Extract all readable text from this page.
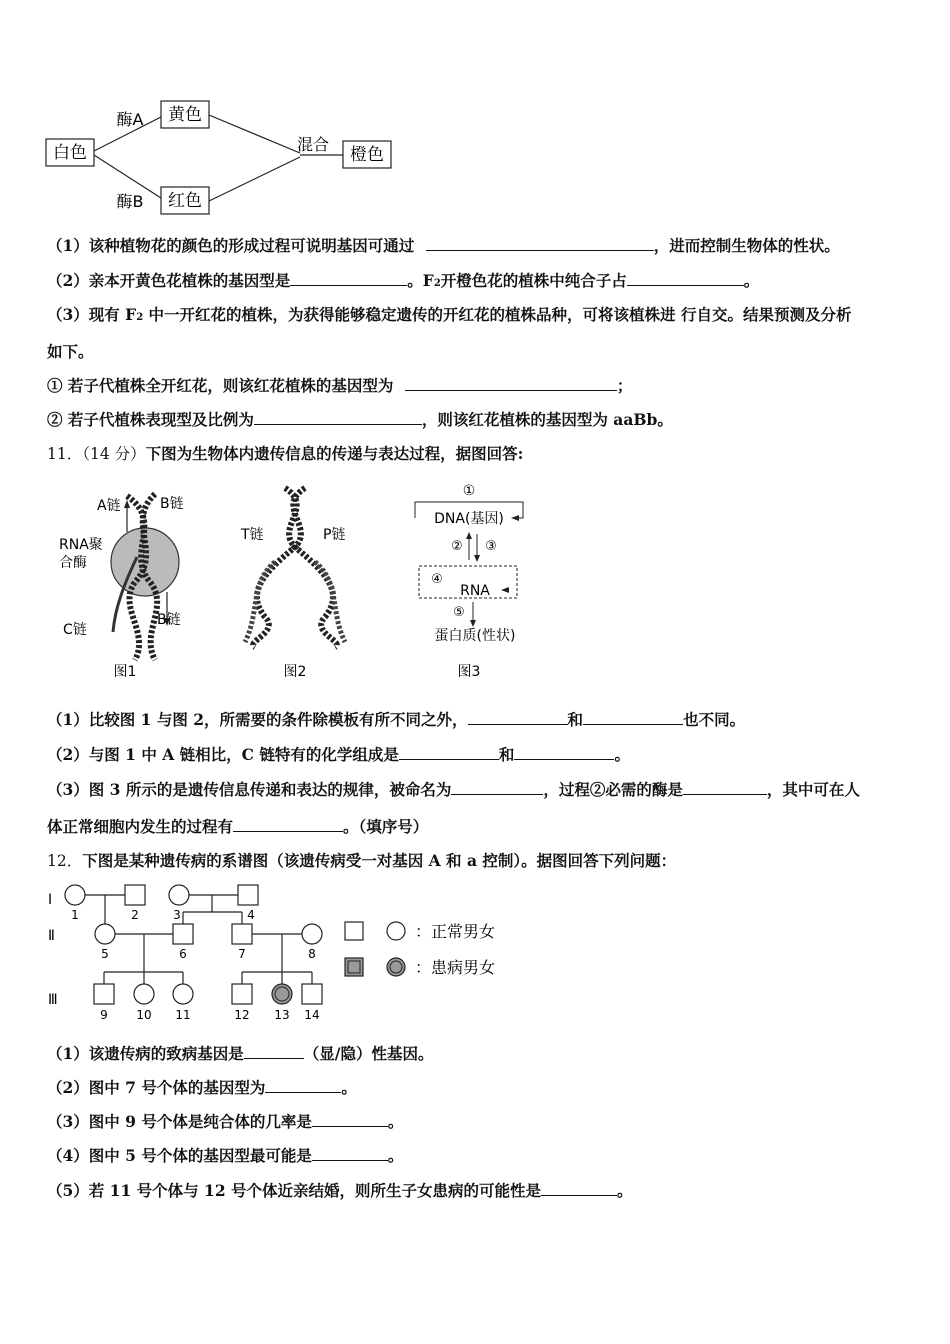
白色
黄色
红色
橙色
酶A
酶B
混合
（1）该种植物花的颜色的形成过程可说明基因可通过	，进而控制生物体的性状。
（2）亲本开黄色花植株的基因型是	。F2开橙色花的植株中纯合子占	。
（3）现有 F2 中一开红花的植株，为获得能够稳定遗传的开红花的植株品种，可将该植株进 行自交。结果预测及分析
如下。
① 若子代植株全开红花，则该红花植株的基因型为	；
② 若子代植株表现型及比例为	，则该红花植株的基因型为 aaBb。
11．（14 分）下图为生物体内遗传信息的传递与表达过程，据图回答:
A链	B链
RNA聚
合酶
C链
B链
图1
T链	P链
图2
①
DNA(基因)
② ③
④
RNA
⑤
蛋白质(性状)
图3
（1）比较图 1 与图 2，所需要的条件除模板有所不同之外，	和	也不同。
（2）与图 1 中 A 链相比，C 链特有的化学组成是	和	。
（3）图 3 所示的是遗传信息传递和表达的规律，被命名为	，过程②必需的酶是	，其中可在人
体正常细胞内发生的过程有	。（填序号）
12．下图是某种遗传病的系谱图（该遗传病受一对基因 A 和 a 控制）。据图回答下列问题：
Ⅰ
Ⅱ
Ⅲ
1	2	3	4
5	6	7	8
9 10 11	12 13 14
：正常男女
：患病男女
（1）该遗传病的致病基因是	（显/隐）性基因。
（2）图中 7 号个体的基因型为	。
（3）图中 9 号个体是纯合体的几率是	。
（4）图中 5 号个体的基因型最可能是	。
（5）若 11 号个体与 12 号个体近亲结婚，则所生子女患病的可能性是	。
